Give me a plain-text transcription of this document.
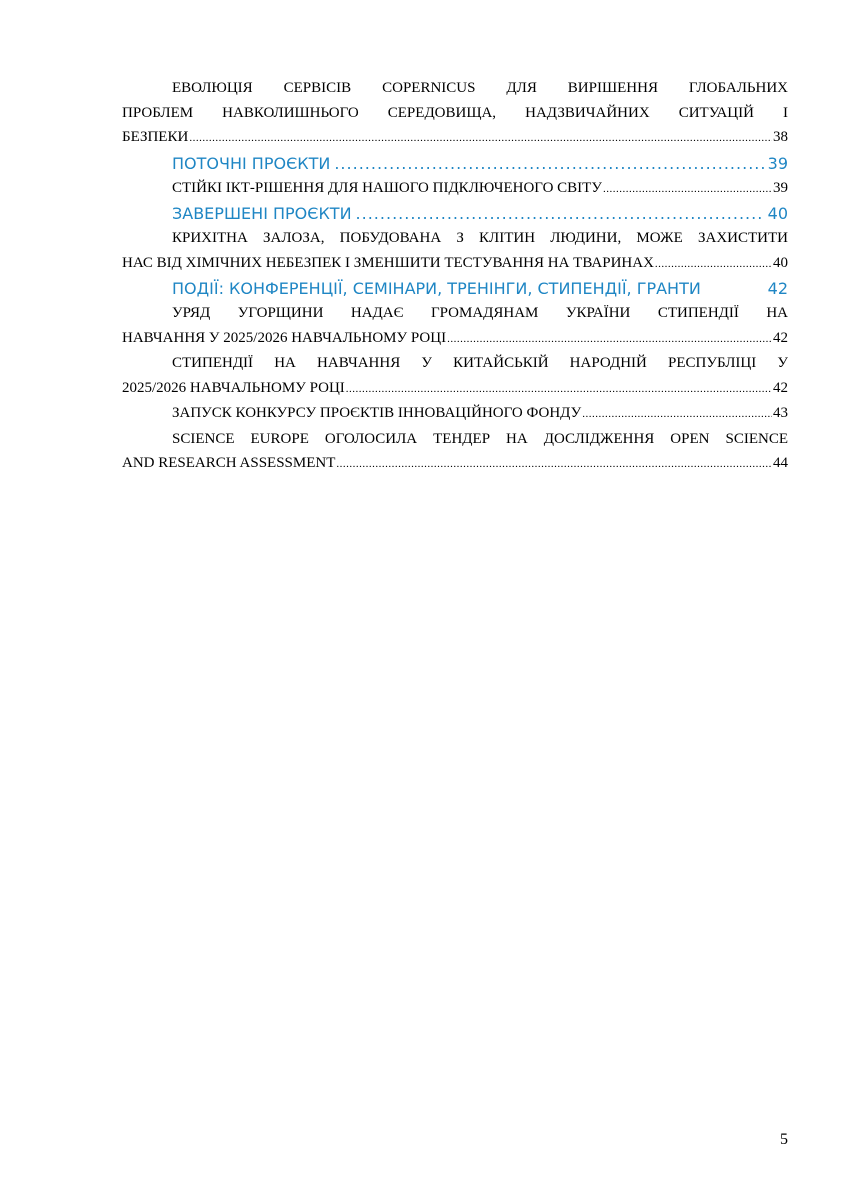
ЕВОЛЮЦІЯ СЕРВІСІВ COPERNICUS ДЛЯ ВИРІШЕННЯ ГЛОБАЛЬНИХ
ПРОБЛЕМ НАВКОЛИШНЬОГО СЕРЕДОВИЩА, НАДЗВИЧАЙНИХ СИТУАЦІЙ І
БЕЗПЕКИ .....	38
ПОТОЧНІ ПРОЄКТИ .....	39
СТІЙКІ ІКТ-РІШЕННЯ ДЛЯ НАШОГО ПІДКЛЮЧЕНОГО СВІТУ .....	39
ЗАВЕРШЕНІ ПРОЄКТИ .....	40
КРИХІТНА ЗАЛОЗА, ПОБУДОВАНА З КЛІТИН ЛЮДИНИ, МОЖЕ ЗАХИСТИТИ
НАС ВІД ХІМІЧНИХ НЕБЕЗПЕК І ЗМЕНШИТИ ТЕСТУВАННЯ НА ТВАРИНАХ .....	40
ПОДІЇ: КОНФЕРЕНЦІЇ, СЕМІНАРИ, ТРЕНІНГИ, СТИПЕНДІЇ, ГРАНТИ	42
УРЯД УГОРЩИНИ НАДАЄ ГРОМАДЯНАМ УКРАЇНИ СТИПЕНДІЇ НА
НАВЧАННЯ У 2025/2026 НАВЧАЛЬНОМУ РОЦІ .....	42
СТИПЕНДІЇ НА НАВЧАННЯ У КИТАЙСЬКІЙ НАРОДНІЙ РЕСПУБЛІЦІ У
2025/2026 НАВЧАЛЬНОМУ РОЦІ .....	42
ЗАПУСК КОНКУРСУ ПРОЄКТІВ ІННОВАЦІЙНОГО ФОНДУ .....	43
SCIENCE EUROPE ОГОЛОСИЛА ТЕНДЕР НА ДОСЛІДЖЕННЯ OPEN SCIENCE
AND RESEARCH ASSESSMENT .....	44
5
